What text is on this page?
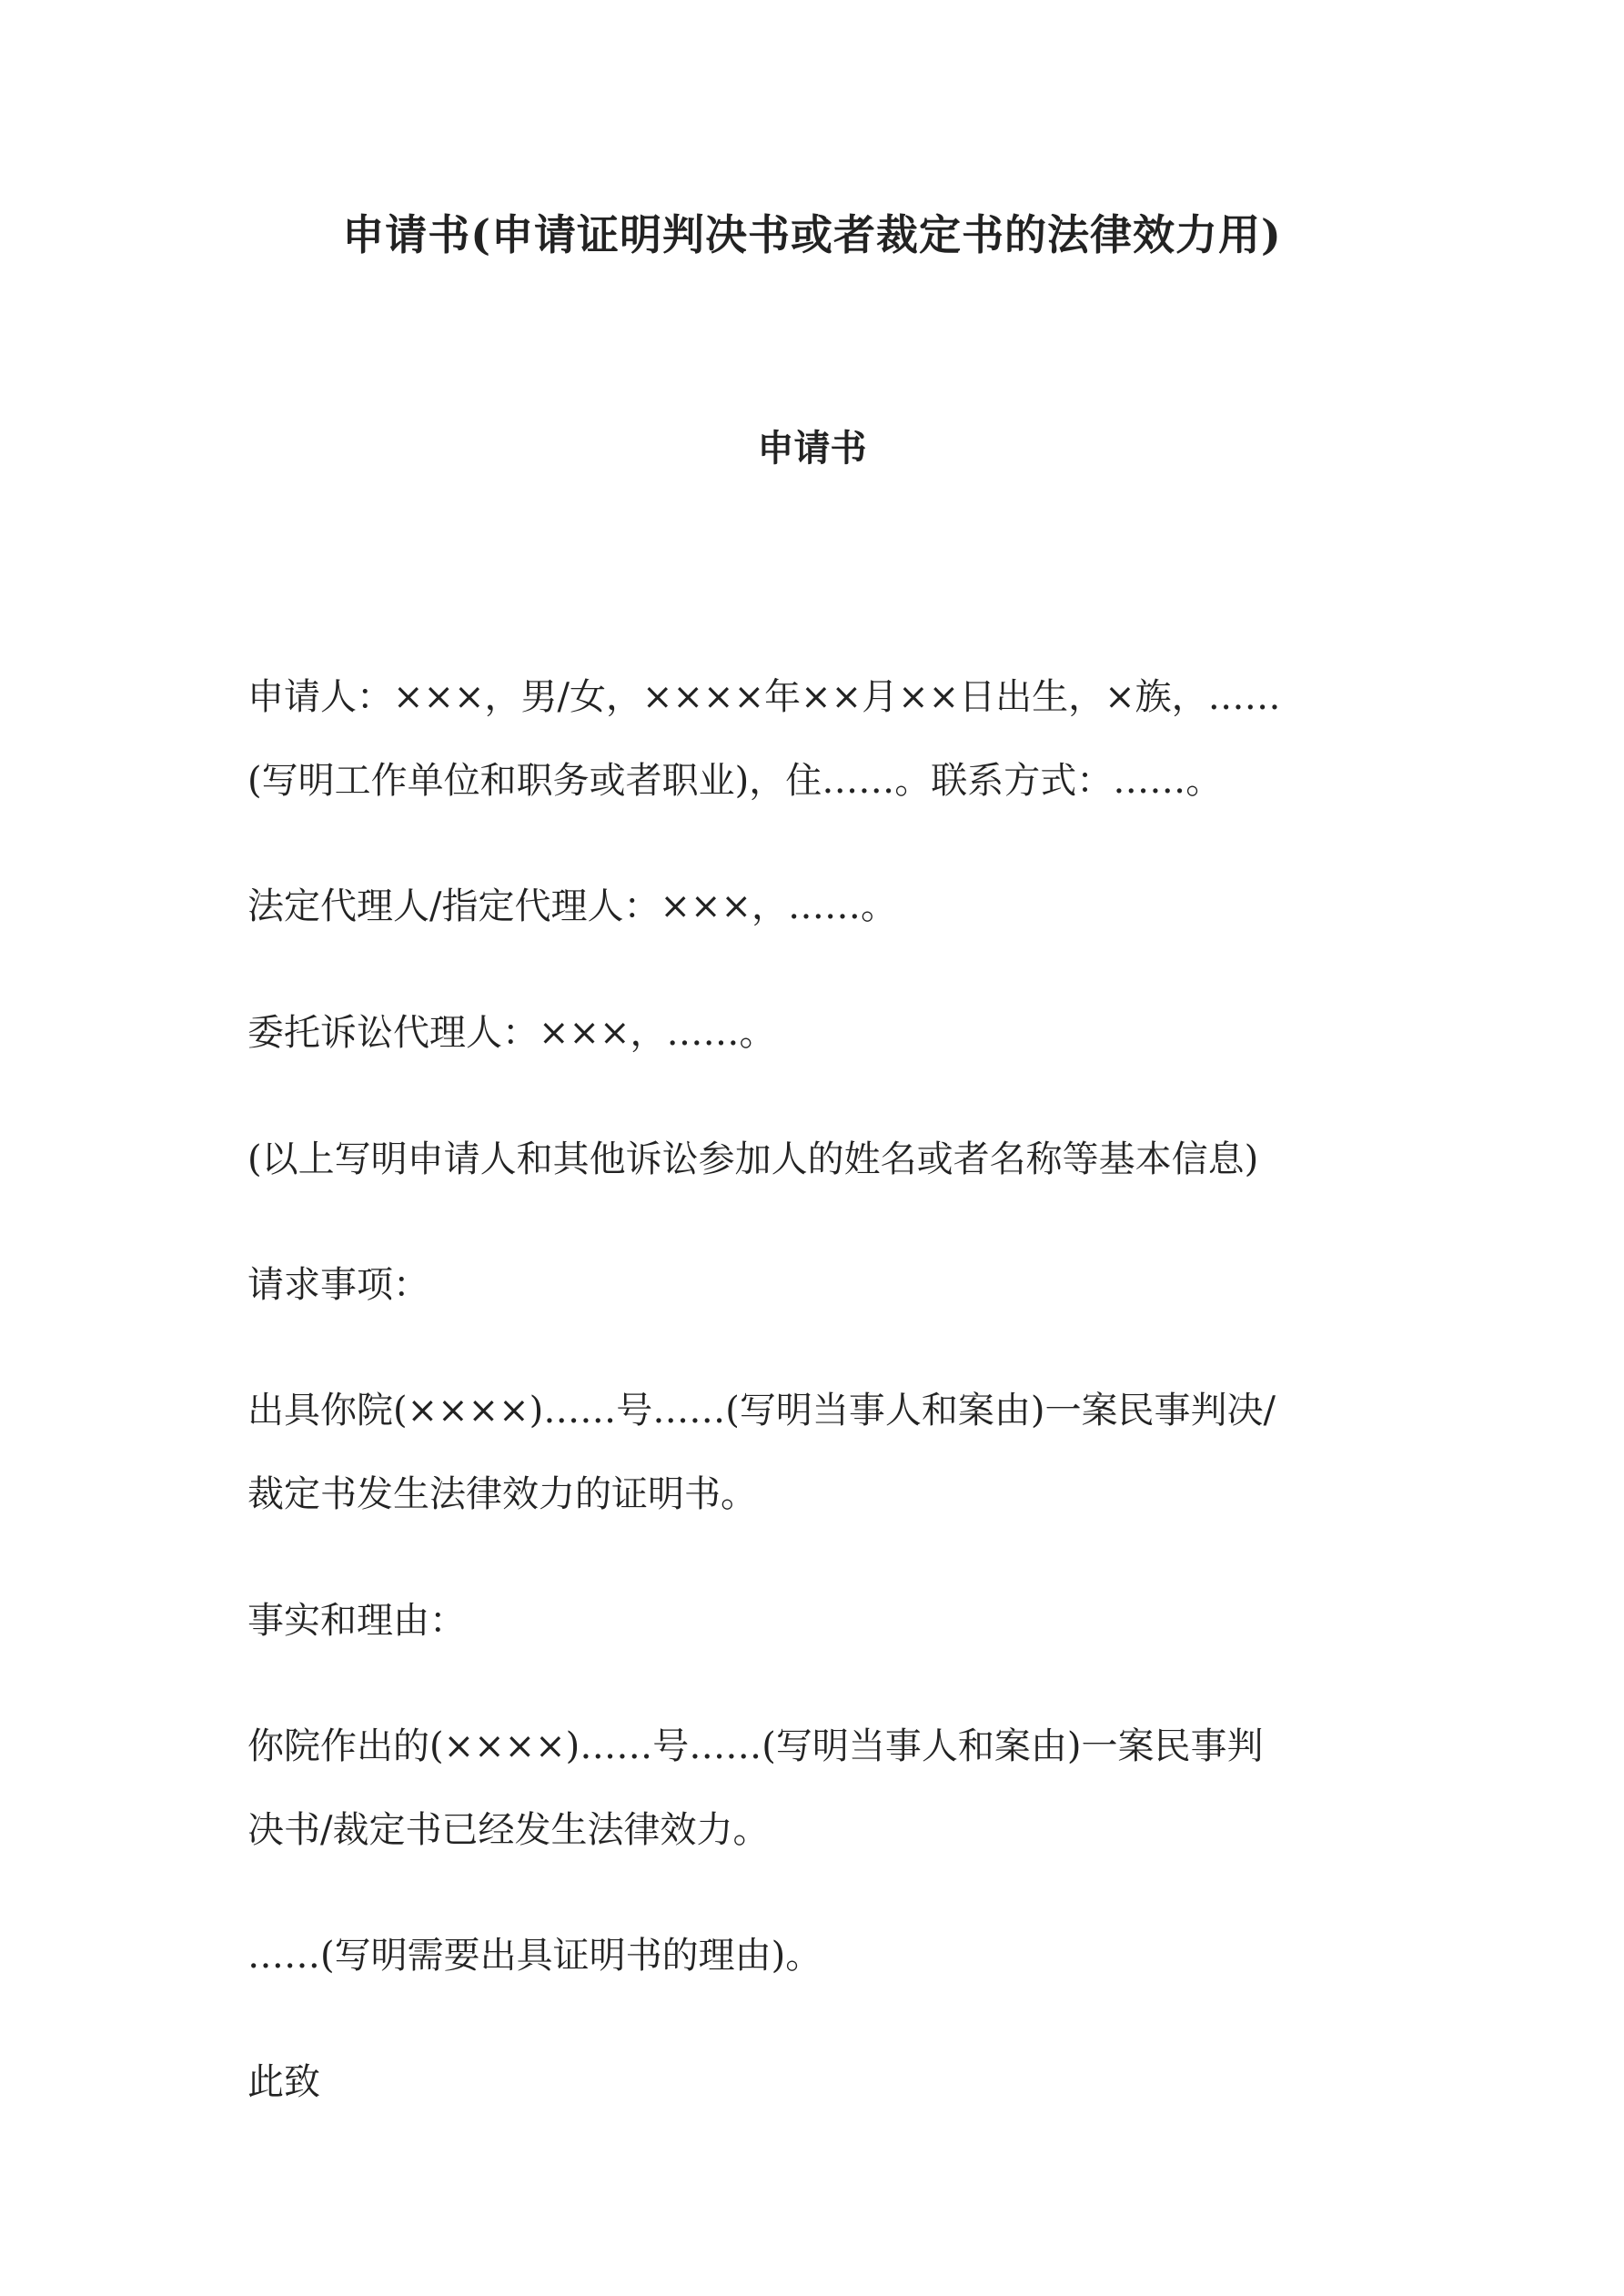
申请书(申请证明判决书或者裁定书的法律效力用)
申请书

申请人：×××，男/女，××××年××月××日出生，×族，……

(写明工作单位和职务或者职业)，住……。联系方式：……。

法定代理人/指定代理人：×××，……。

委托诉讼代理人：×××，……。

(以上写明申请人和其他诉讼参加人的姓名或者名称等基本信息)

请求事项：

出具你院(××××)……号……(写明当事人和案由)一案民事判决/

裁定书发生法律效力的证明书。

事实和理由：

你院作出的(××××)……号……(写明当事人和案由)一案民事判

决书/裁定书已经发生法律效力。

……(写明需要出具证明书的理由)。

此致
